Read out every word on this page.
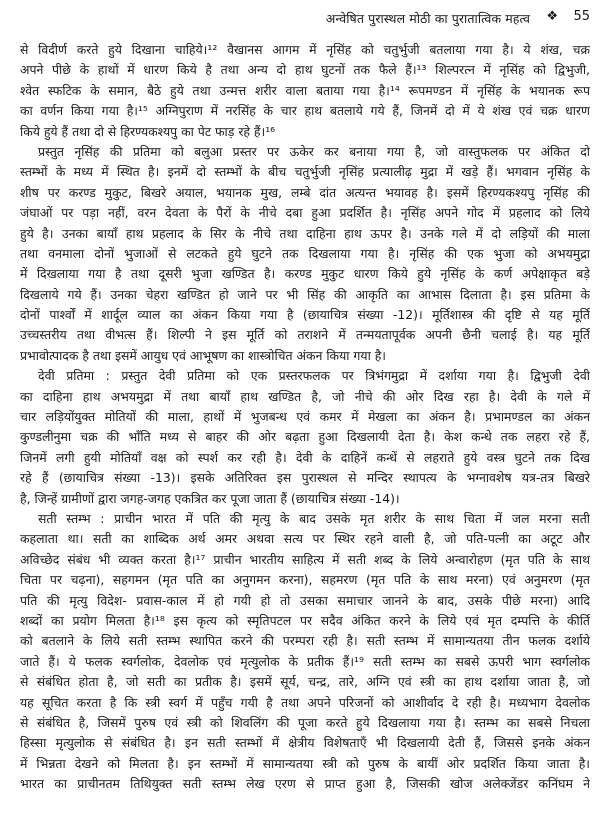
अन्वेषित पुरास्थल मोठी का पुरातात्विक महत्व ❖ 55
से विदीर्ण करते हुये दिखाना चाहिये।¹² वैखानस आगम में नृसिंह को चतुर्भुजी बतलाया गया है। ये शंख, चक्र
अपने पीछे के हाथों में धारण किये है तथा अन्य दो हाथ घुटनों तक फैले हैं।¹³ शिल्परत्न में नृसिंह को द्विभुजी,
श्वेत स्फटिक के समान, बैठे हुये तथा उन्मत्त शरीर वाला बताया गया है।¹⁴ रूपमण्डन में नृसिंह के भयानक रूप
का वर्णन किया गया है।¹⁵ अग्निपुराण में नरसिंह के चार हाथ बतलाये गये हैं, जिनमें दो में ये शंख एवं चक्र धारण
किये हुये हैं तथा दो से हिरण्यकश्यपु का पेट फाड़ रहे हैं।¹⁶
प्रस्तुत नृसिंह की प्रतिमा को बलुआ प्रस्तर पर ऊकेर कर बनाया गया है, जो वास्तुफलक पर अंकित दो
स्तम्भों के मध्य में स्थित है। इनमें दो स्तम्भों के बीच चतुर्भुजी नृसिंह प्रत्यालीढ़ मुद्रा में खड़े हैं। भगवान नृसिंह के
शीष पर करण्ड मुकुट, बिखरे अयाल, भयानक मुख, लम्बे दांत अत्यन्त भयावह है। इसमें हिरण्यकश्यपु नृसिंह की
जंघाओं पर पड़ा नहीं, वरन देवता के पैरों के नीचे दबा हुआ प्रदर्शित है। नृसिंह अपने गोद में प्रहलाद को लिये
हुये है। उनका बायाँ हाथ प्रहलाद के सिर के नीचे तथा दाहिना हाथ ऊपर है। उनके गले में दो लड़ियों की माला
तथा वनमाला दोनों भुजाओं से लटकते हुये घुटने तक दिखलाया गया है। नृसिंह की एक भुजा को अभयमुद्रा
में दिखलाया गया है तथा दूसरी भुजा खण्डित है। करण्ड मुकुट धारण किये हुये नृसिंह के कर्ण अपेक्षाकृत बड़े
दिखलाये गये हैं। उनका चेहरा खण्डित हो जाने पर भी सिंह की आकृति का आभास दिलाता है। इस प्रतिमा के
दोनों पार्श्वों में शार्दूल व्याल का अंकन किया गया है (छायाचित्र संख्या -12)। मूर्तिशास्त्र की दृष्टि से यह मूर्ति
उच्चस्तरीय तथा वीभत्स हैं। शिल्पी ने इस मूर्ति को तराशने में तन्मयतापूर्वक अपनी छैनी चलाई है। यह मूर्ति
प्रभावोत्पादक है तथा इसमें आयुध एवं आभूषण का शास्त्रोचित अंकन किया गया है।
देवी प्रतिमा : प्रस्तुत देवी प्रतिमा को एक प्रस्तरफलक पर त्रिभंगमुद्रा में दर्शाया गया है। द्विभुजी देवी
का दाहिना हाथ अभयमुद्रा में तथा बायाँ हाथ खण्डित है, जो नीचे की ओर दिख रहा है। देवी के गले में
चार लड़ियोंयुक्त मोतियों की माला, हाथों में भुजबन्ध एवं कमर में मेखला का अंकन है। प्रभामण्डल का अंकन
कुण्डलीनुमा चक्र की भाँति मध्य से बाहर की ओर बढ़ता हुआ दिखलायी देता है। केश कन्धे तक लहरा रहे हैं,
जिनमें लगी हुयी मोतियाँ वक्ष को स्पर्श कर रही है। देवी के दाहिनें कन्धें से लहराते हुये वस्त्र घुटने तक दिख
रहे हैं (छायाचित्र संख्या -13)। इसके अतिरिक्त इस पुरास्थल से मन्दिर स्थापत्य के भग्नावशेष यत्र-तत्र बिखरे
है, जिन्हें ग्रामीणों द्वारा जगह-जगह एकत्रित कर पूजा जाता हैं (छायाचित्र संख्या -14)।
सती स्तम्भ : प्राचीन भारत में पति की मृत्यु के बाद उसके मृत शरीर के साथ चिता में जल मरना सती
कहलाता था। सती का शाब्दिक अर्थ अमर अथवा सत्य पर स्थिर रहने वाली है, जो पति-पत्नी का अटूट और
अविच्छेद संबंध भी व्यक्त करता है।¹⁷ प्राचीन भारतीय साहित्य में सती शब्द के लिये अन्वारोहण (मृत पति के साथ
चिता पर चढ़ना), सहगमन (मृत पति का अनुगमन करना), सहमरण (मृत पति के साथ मरना) एवं अनुमरण (मृत
पति की मृत्यु विदेश- प्रवास-काल में हो गयी हो तो उसका समाचार जानने के बाद, उसके पीछे मरना) आदि
शब्दों का प्रयोग मिलता है।¹⁸ इस कृत्य को स्मृतिपटल पर सदैव अंकित करने के लिये एवं मृत दम्पत्ति के कीर्ति
को बतलाने के लिये सती स्तम्भ स्थापित करने की परम्परा रही है। सती स्तम्भ में सामान्यतया तीन फलक दर्शाये
जाते हैं। ये फलक स्वर्गलोक, देवलोक एवं मृत्युलोक के प्रतीक हैं।¹⁹ सती स्तम्भ का सबसे ऊपरी भाग स्वर्गलोक
से संबंधित होता है, जो सती का प्रतीक है। इसमें सूर्य, चन्द्र, तारे, अग्नि एवं स्त्री का हाथ दर्शाया जाता है, जो
यह सूचित करता है कि स्त्री स्वर्ग में पहुँच गयी है तथा अपने परिजनों को आशीर्वाद दे रही है। मध्यभाग देवलोक
से संबंधित है, जिसमें पुरुष एवं स्त्री को शिवलिंग की पूजा करते हुये दिखलाया गया है। स्तम्भ का सबसे निचला
हिस्सा मृत्युलोक से संबंधित है। इन सती स्तम्भों में क्षेत्रीय विशेषताएँ भी दिखलायी देती हैं, जिससे इनके अंकन
में भिन्नता देखने को मिलता है। इन स्तम्भों में सामान्यतया स्त्री को पुरुष के बायीं ओर प्रदर्शित किया जाता है।
भारत का प्राचीनतम तिथियुक्त सती स्तम्भ लेख एरण से प्राप्त हुआ है, जिसकी खोज अलेक्जेंडर कनिंघम ने
